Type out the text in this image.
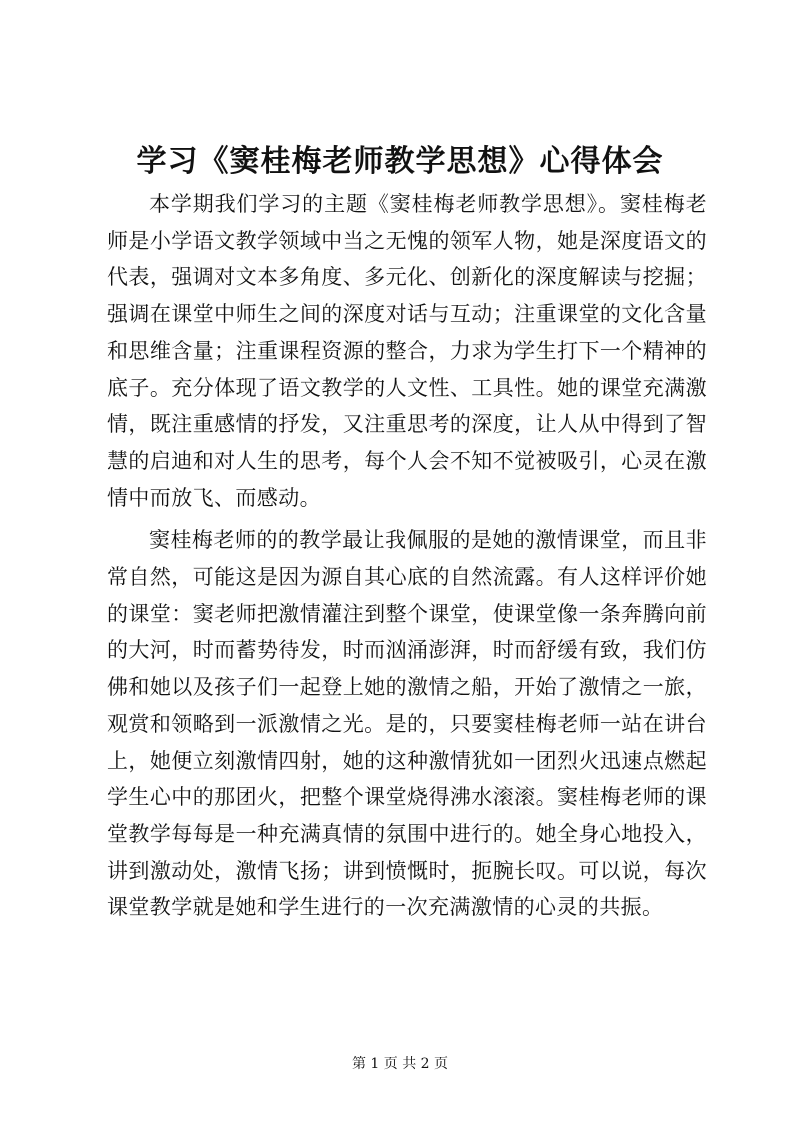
学习《窦桂梅老师教学思想》心得体会

本学期我们学习的主题《窦桂梅老师教学思想》。窦桂梅老师是小学语文教学领域中当之无愧的领军人物，她是深度语文的代表，强调对文本多角度、多元化、创新化的深度解读与挖掘；强调在课堂中师生之间的深度对话与互动；注重课堂的文化含量和思维含量；注重课程资源的整合，力求为学生打下一个精神的底子。充分体现了语文教学的人文性、工具性。她的课堂充满激情，既注重感情的抒发，又注重思考的深度，让人从中得到了智慧的启迪和对人生的思考，每个人会不知不觉被吸引，心灵在激情中而放飞、而感动。

窦桂梅老师的的教学最让我佩服的是她的激情课堂，而且非常自然，可能这是因为源自其心底的自然流露。有人这样评价她的课堂：窦老师把激情灌注到整个课堂，使课堂像一条奔腾向前的大河，时而蓄势待发，时而汹涌澎湃，时而舒缓有致，我们仿佛和她以及孩子们一起登上她的激情之船，开始了激情之一旅，观赏和领略到一派激情之光。是的，只要窦桂梅老师一站在讲台上，她便立刻激情四射，她的这种激情犹如一团烈火迅速点燃起学生心中的那团火，把整个课堂烧得沸水滚滚。窦桂梅老师的课堂教学每每是一种充满真情的氛围中进行的。她全身心地投入，讲到激动处，激情飞扬；讲到愤慨时，扼腕长叹。可以说，每次课堂教学就是她和学生进行的一次充满激情的心灵的共振。

第 1 页 共 2 页
